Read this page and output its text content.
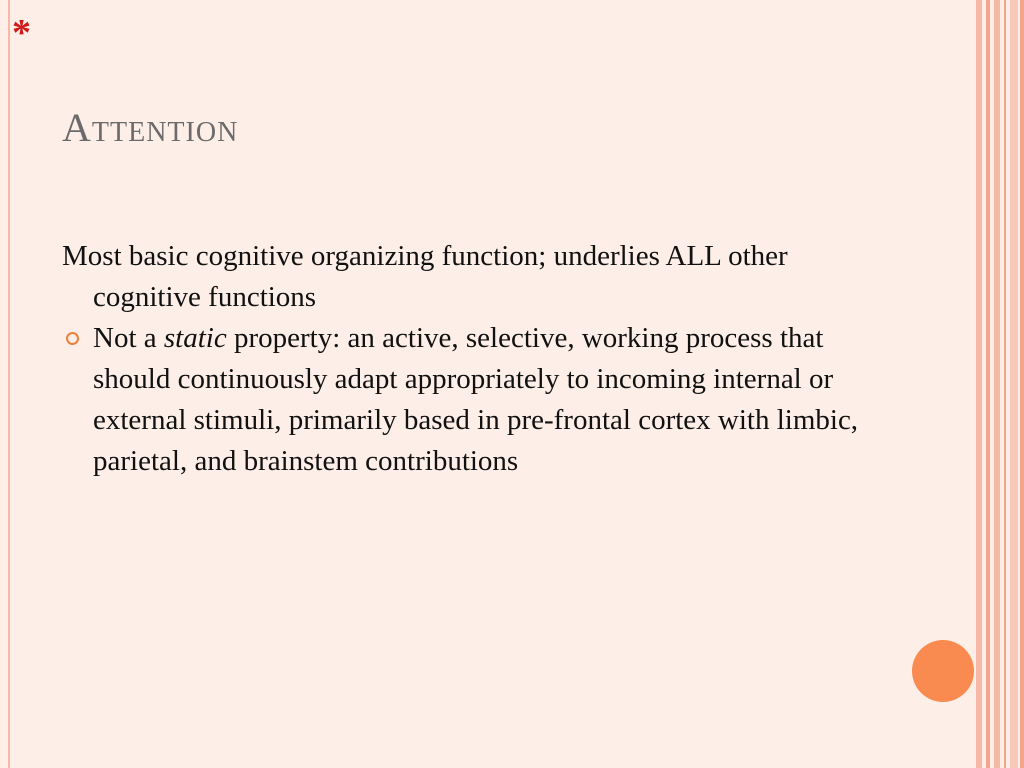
*
Attention

Most basic cognitive organizing function; underlies ALL other cognitive functions

Not a static property: an active, selective, working process that should continuously adapt appropriately to incoming internal or external stimuli, primarily based in pre-frontal cortex with limbic, parietal, and brainstem contributions
